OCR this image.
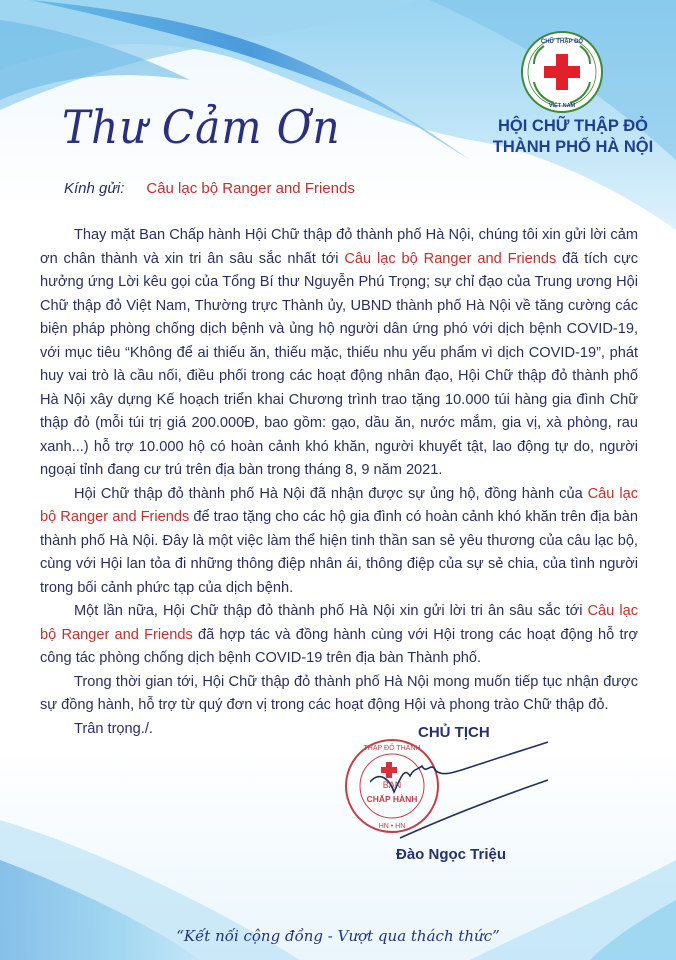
Thư Cảm Ơn
CHỮ THẬP ĐỎ
VIỆT NAM
HỘI CHỮ THẬP ĐỎ
THÀNH PHỐ HÀ NỘI
Kính gửi: Câu lạc bộ Ranger and Friends

Thay mặt Ban Chấp hành Hội Chữ thập đỏ thành phố Hà Nội, chúng tôi xin gửi lời cảm ơn chân thành và xin tri ân sâu sắc nhất tới Câu lạc bộ Ranger and Friends đã tích cực hưởng ứng Lời kêu gọi của Tổng Bí thư Nguyễn Phú Trọng; sự chỉ đạo của Trung ương Hội Chữ thập đỏ Việt Nam, Thường trực Thành ủy, UBND thành phố Hà Nội về tăng cường các biện pháp phòng chống dịch bệnh và ủng hộ người dân ứng phó với dịch bệnh COVID-19, với mục tiêu “Không để ai thiếu ăn, thiếu mặc, thiếu nhu yếu phẩm vì dịch COVID-19”, phát huy vai trò là cầu nối, điều phối trong các hoạt động nhân đạo, Hội Chữ thập đỏ thành phố Hà Nội xây dựng Kế hoạch triển khai Chương trình trao tặng 10.000 túi hàng gia đình Chữ thập đỏ (mỗi túi trị giá 200.000Đ, bao gồm: gạo, dầu ăn, nước mắm, gia vị, xà phòng, rau xanh...) hỗ trợ 10.000 hộ có hoàn cảnh khó khăn, người khuyết tật, lao động tự do, người ngoại tỉnh đang cư trú trên địa bàn trong tháng 8, 9 năm 2021.

Hội Chữ thập đỏ thành phố Hà Nội đã nhận được sự ủng hộ, đồng hành của Câu lạc bộ Ranger and Friends để trao tặng cho các hộ gia đình có hoàn cảnh khó khăn trên địa bàn thành phố Hà Nội. Đây là một việc làm thể hiện tinh thần san sẻ yêu thương của câu lạc bộ, cùng với Hội lan tỏa đi những thông điệp nhân ái, thông điệp của sự sẻ chia, của tình người trong bối cảnh phức tạp của dịch bệnh.

Một lần nữa, Hội Chữ thập đỏ thành phố Hà Nội xin gửi lời tri ân sâu sắc tới Câu lạc bộ Ranger and Friends đã hợp tác và đồng hành cùng với Hội trong các hoạt động hỗ trợ công tác phòng chống dịch bệnh COVID-19 trên địa bàn Thành phố.

Trong thời gian tới, Hội Chữ thập đỏ thành phố Hà Nội mong muốn tiếp tục nhận được sự đồng hành, hỗ trợ từ quý đơn vị trong các hoạt động Hội và phong trào Chữ thập đỏ.

Trân trọng./.	CHỦ TỊCH
BAN
CHẤP HÀNH
THẬP ĐỎ THÀNH
HN • HN
Đào Ngọc Triệu
“Kết nối cộng đồng - Vượt qua thách thức”
